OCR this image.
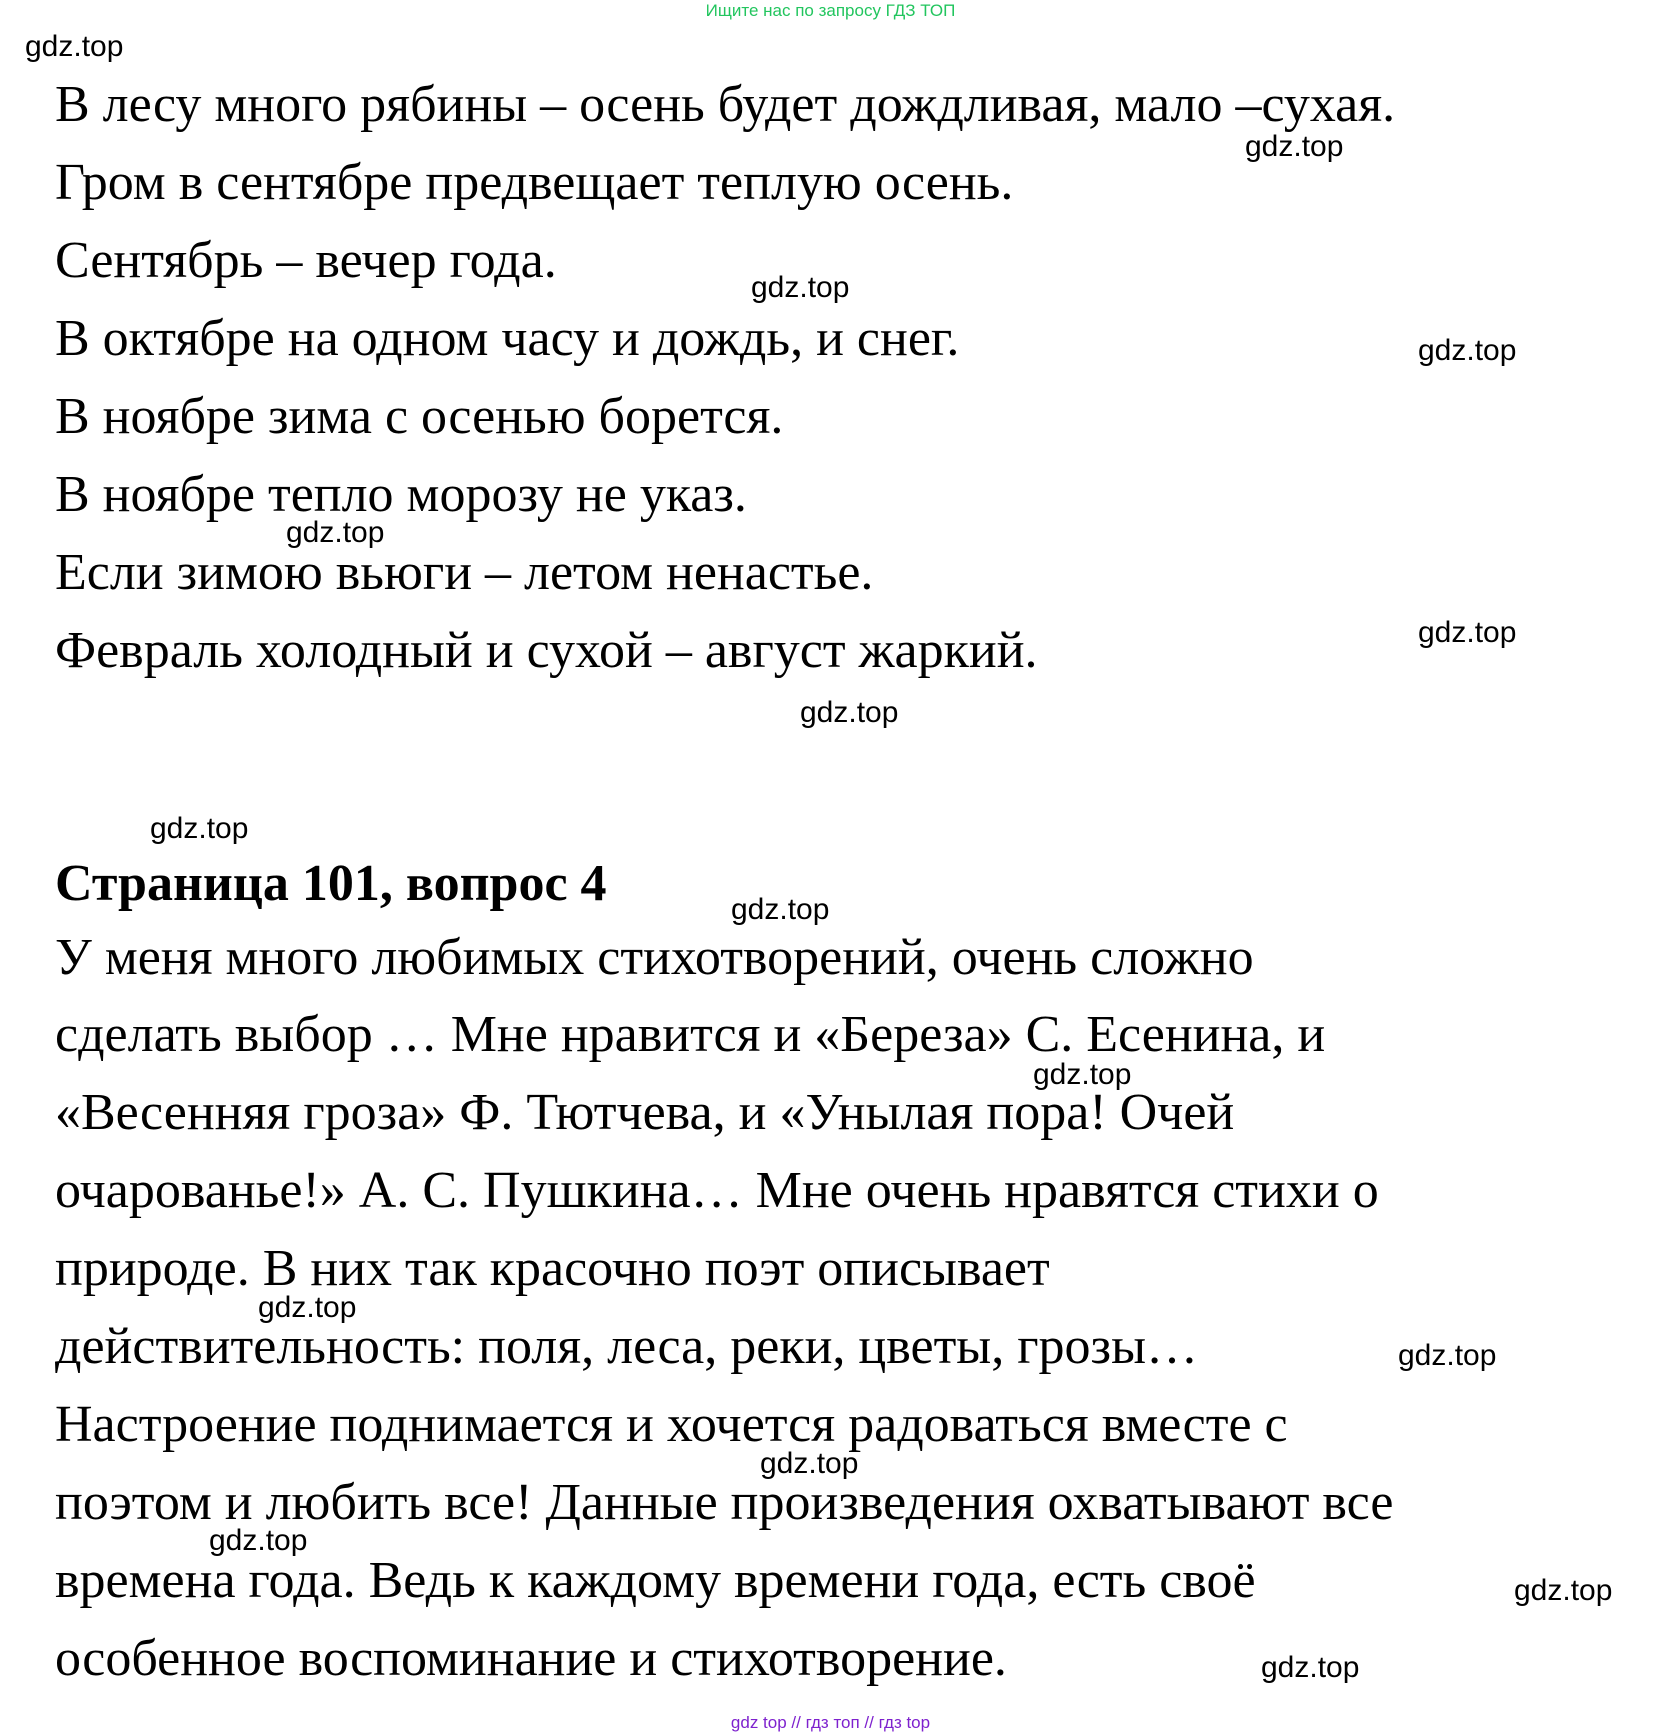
Ищите нас по запросу ГДЗ ТОП
В лесу много рябины – осень будет дождливая, мало –сухая.
Гром в сентябре предвещает теплую осень.
Сентябрь – вечер года.
В октябре на одном часу и дождь, и снег.
В ноябре зима с осенью борется.
В ноябре тепло морозу не указ.
Если зимою вьюги – летом ненастье.
Февраль холодный и сухой – август жаркий.
Страница 101, вопрос 4
У меня много любимых стихотворений, очень сложно
сделать выбор … Мне нравится и «Береза» С. Есенина, и
«Весенняя гроза» Ф. Тютчева, и «Унылая пора! Очей
очарованье!» А. С. Пушкина… Мне очень нравятся стихи о
природе. В них так красочно поэт описывает
действительность: поля, леса, реки, цветы, грозы…
Настроение поднимается и хочется радоваться вместе с
поэтом и любить все! Данные произведения охватывают все
времена года. Ведь к каждому времени года, есть своё
особенное воспоминание и стихотворение.
gdz.top
gdz.top
gdz.top
gdz.top
gdz.top
gdz.top
gdz.top
gdz.top
gdz.top
gdz.top
gdz.top
gdz.top
gdz.top
gdz.top
gdz.top
gdz.top
gdz top // гдз топ // гдз top
